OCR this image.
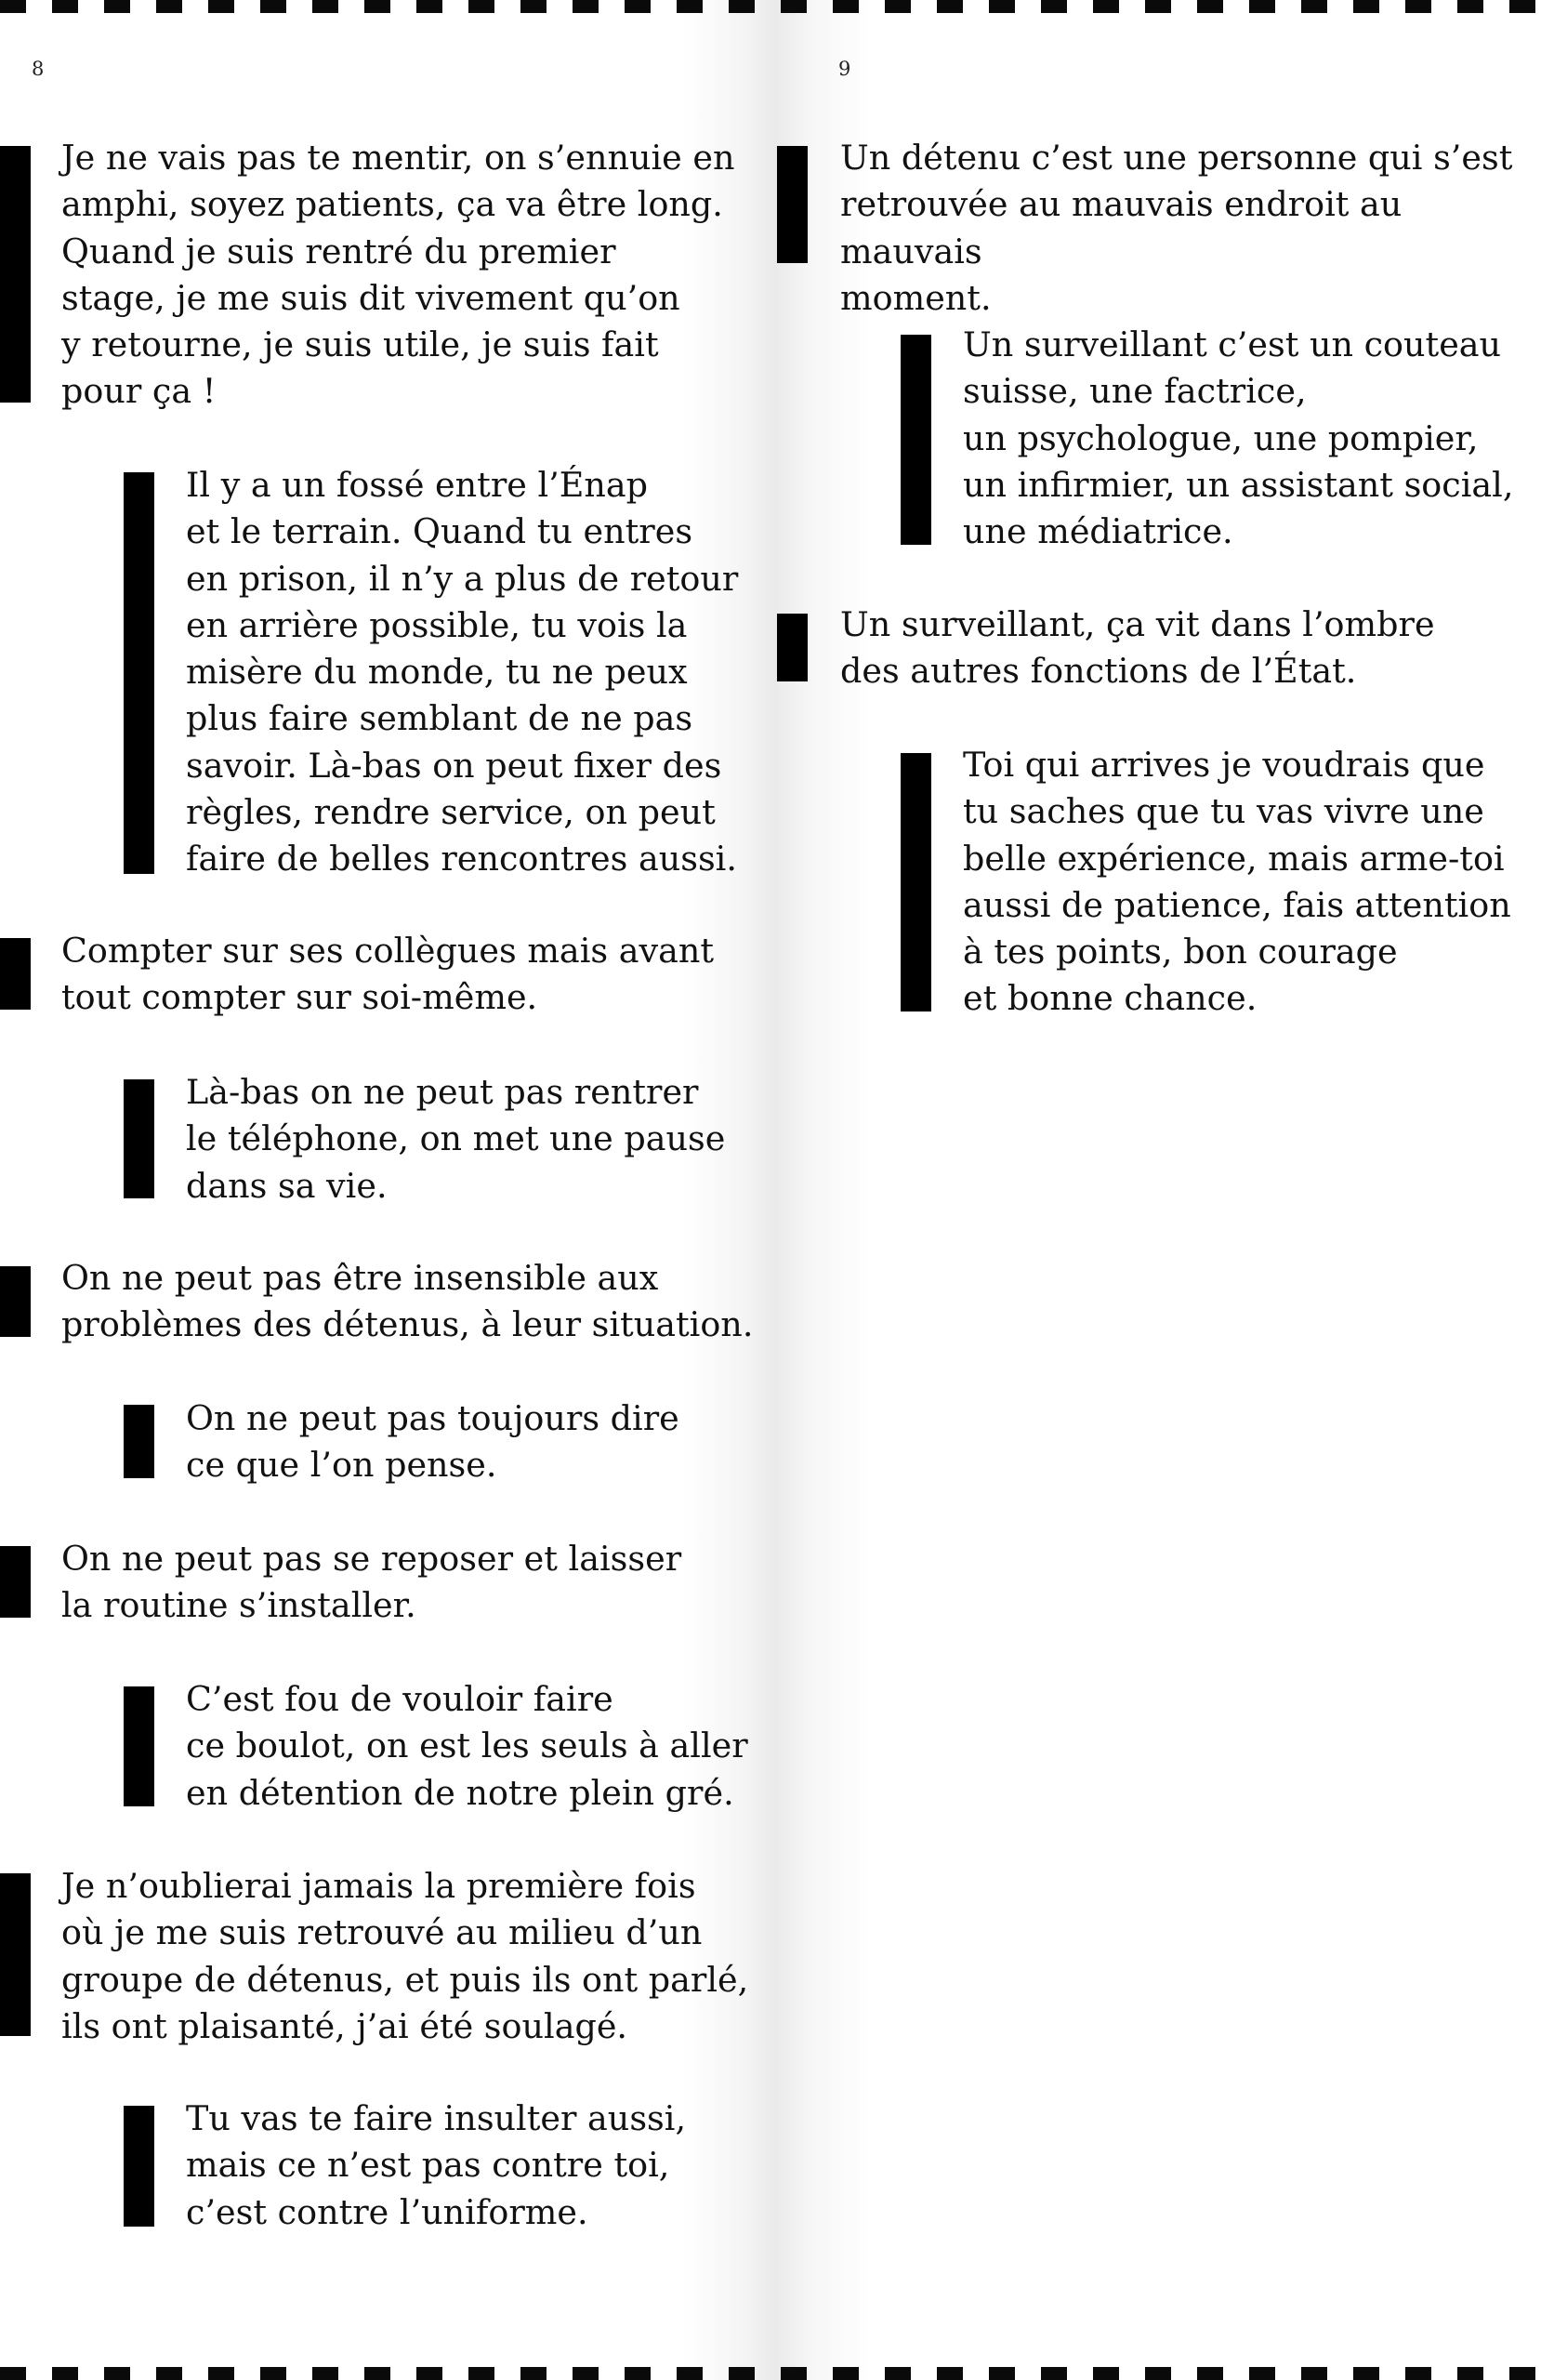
8
Je ne vais pas te mentir, on s’ennuie en
amphi, soyez patients, ça va être long.
Quand je suis rentré du premier
stage, je me suis dit vivement qu’on
y retourne, je suis utile, je suis fait
pour ça !
Il y a un fossé entre l’Énap
et le terrain. Quand tu entres
en prison, il n’y a plus de retour
en arrière possible, tu vois la
misère du monde, tu ne peux
plus faire semblant de ne pas
savoir. Là-bas on peut fixer des
règles, rendre service, on peut
faire de belles rencontres aussi.
Compter sur ses collègues mais avant
tout compter sur soi-même.
Là-bas on ne peut pas rentrer
le téléphone, on met une pause
dans sa vie.
On ne peut pas être insensible aux
problèmes des détenus, à leur situation.
On ne peut pas toujours dire
ce que l’on pense.
On ne peut pas se reposer et laisser
la routine s’installer.
C’est fou de vouloir faire
ce boulot, on est les seuls à aller
en détention de notre plein gré.
Je n’oublierai jamais la première fois
où je me suis retrouvé au milieu d’un
groupe de détenus, et puis ils ont parlé,
ils ont plaisanté, j’ai été soulagé.
Tu vas te faire insulter aussi,
mais ce n’est pas contre toi,
c’est contre l’uniforme.
9
Un détenu c’est une personne qui s’est
retrouvée au mauvais endroit au mauvais
moment.
Un surveillant c’est un couteau
suisse, une factrice,
un psychologue, une pompier,
un infirmier, un assistant social,
une médiatrice.
Un surveillant, ça vit dans l’ombre
des autres fonctions de l’État.
Toi qui arrives je voudrais que
tu saches que tu vas vivre une
belle expérience, mais arme-toi
aussi de patience, fais attention
à tes points, bon courage
et bonne chance.
